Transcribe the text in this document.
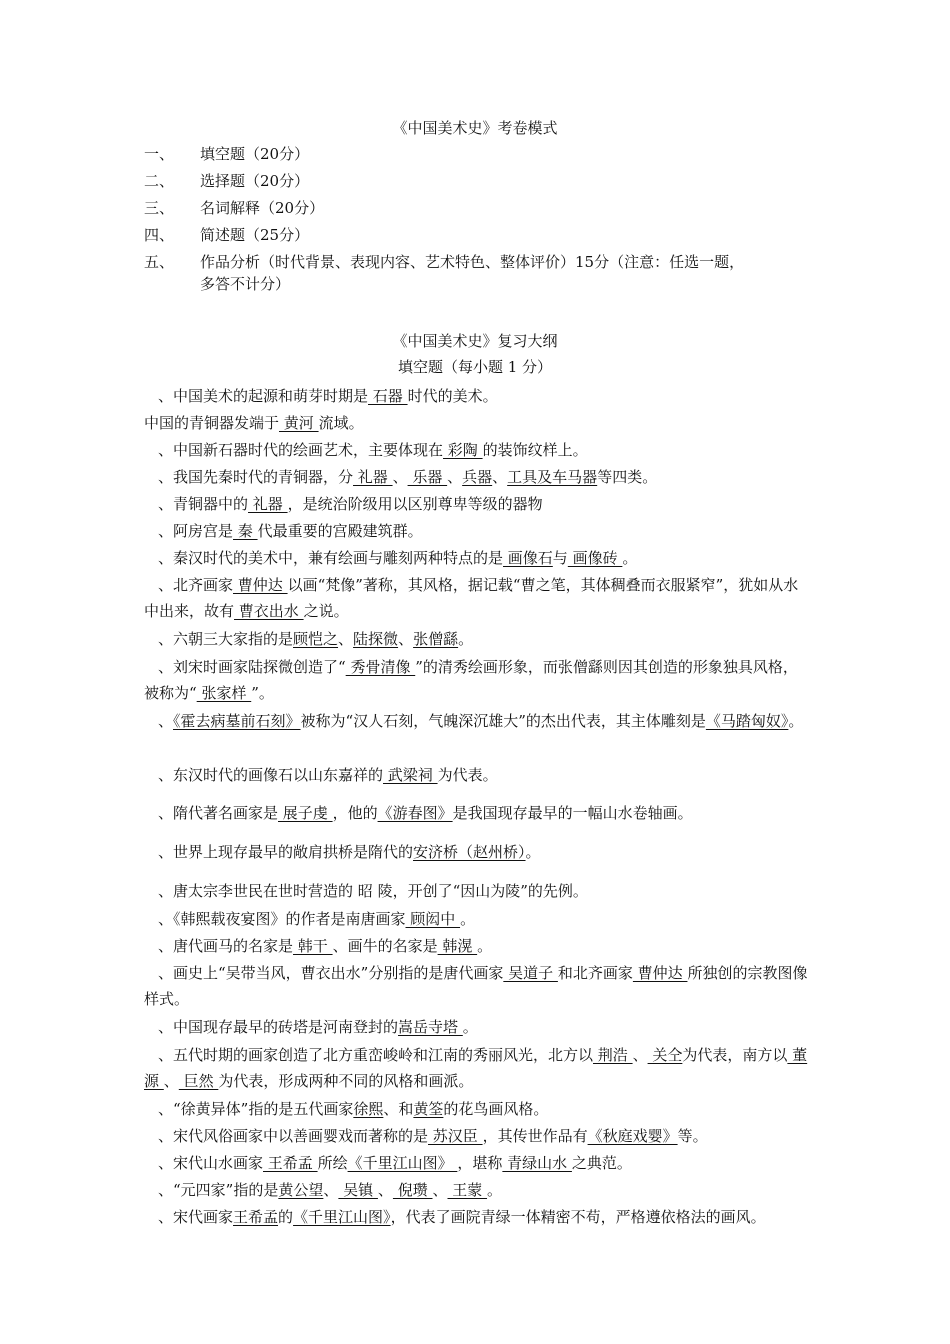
《中国美术史》考卷模式
一、 填空题（20分）
二、 选择题（20分）
三、 名词解释（20分）
四、 简述题（25分）
五、 作品分析（时代背景、表现内容、艺术特色、整体评价）15分（注意：任选一题，
多答不计分）
《中国美术史》复习大纲
填空题（每小题 1 分）
、中国美术的起源和萌芽时期是 石器 时代的美术。
中国的青铜器发端于 黄河 流域。
、中国新石器时代的绘画艺术，主要体现在 彩陶 的装饰纹样上。
、我国先秦时代的青铜器，分 礼器 、 乐器 、兵器、工具及车马器等四类。
、青铜器中的 礼器 ，是统治阶级用以区别尊卑等级的器物
、阿房宫是 秦 代最重要的宫殿建筑群。
、秦汉时代的美术中，兼有绘画与雕刻两种特点的是 画像石与 画像砖 。
、北齐画家 曹仲达 以画“梵像”著称，其风格，据记载“曹之笔，其体稠叠而衣服紧窄”，犹如从水中出来，故有 曹衣出水 之说。
、六朝三大家指的是顾恺之、陆探微、张僧繇。
、刘宋时画家陆探微创造了“ 秀骨清像 ”的清秀绘画形象，而张僧繇则因其创造的形象独具风格，被称为“ 张家样 ”。
、《霍去病墓前石刻》被称为“汉人石刻，气魄深沉雄大”的杰出代表，其主体雕刻是《马踏匈奴》。
、东汉时代的画像石以山东嘉祥的 武梁祠 为代表。
、隋代著名画家是 展子虔 ，他的《游春图》是我国现存最早的一幅山水卷轴画。
、世界上现存最早的敞肩拱桥是隋代的安济桥（赵州桥）。
、唐太宗李世民在世时营造的 昭 陵，开创了“因山为陵”的先例。
、《韩熙载夜宴图》的作者是南唐画家 顾闳中 。
、唐代画马的名家是 韩干 、画牛的名家是 韩滉 。
、画史上“吴带当风，曹衣出水”分别指的是唐代画家 吴道子 和北齐画家 曹仲达 所独创的宗教图像样式。
、中国现存最早的砖塔是河南登封的嵩岳寺塔 。
、五代时期的画家创造了北方重峦峻岭和江南的秀丽风光，北方以 荆浩 、 关仝为代表，南方以 董源 、 巨然 为代表，形成两种不同的风格和画派。
、“徐黄异体”指的是五代画家徐熙、和黄筌的花鸟画风格。
、宋代风俗画家中以善画婴戏而著称的是 苏汉臣 ，其传世作品有《秋庭戏婴》等。
、宋代山水画家 王希孟 所绘《千里江山图》 ，堪称 青绿山水 之典范。
、“元四家”指的是黄公望、 吴镇 、 倪瓒 、 王蒙 。
、宋代画家王希孟的《千里江山图》，代表了画院青绿一体精密不苟，严格遵依格法的画风。
